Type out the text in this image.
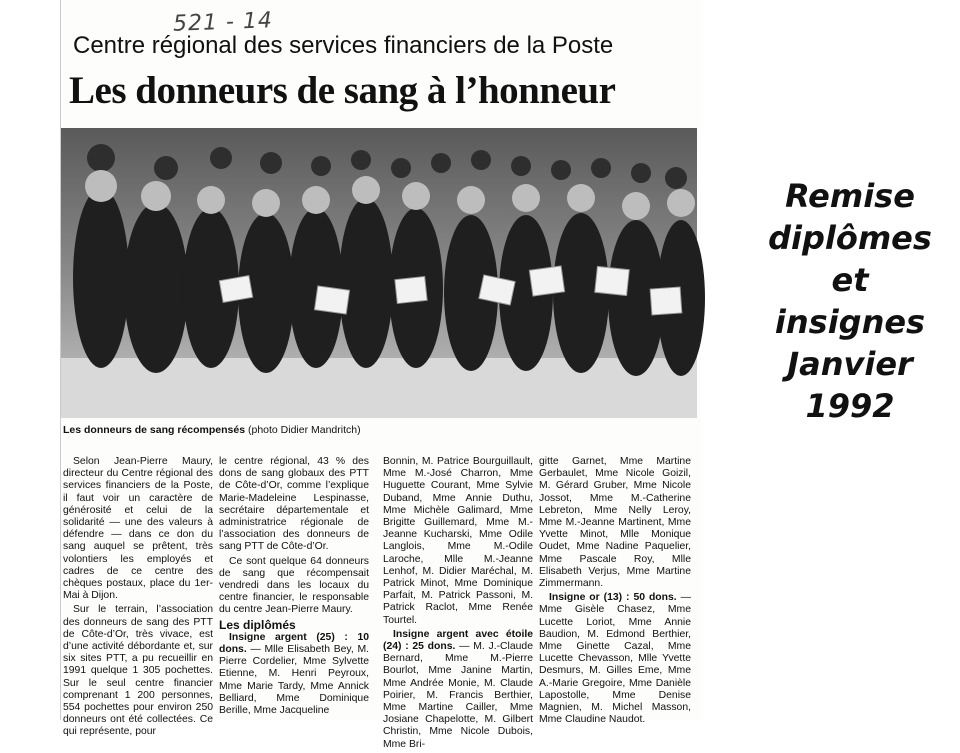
521 - 14
Centre régional des services financiers de la Poste
Les donneurs de sang à l’honneur
Les donneurs de sang récompensés (photo Didier Mandritch)

Selon Jean-Pierre Maury, directeur du Centre régional des services financiers de la Poste, il faut voir un caractère de générosité et celui de la solidarité — une des valeurs à défendre — dans ce don du sang auquel se prêtent, très volontiers les employés et cadres de ce centre des chèques postaux, place du 1er-Mai à Dijon.

Sur le terrain, l’association des donneurs de sang des PTT de Côte-d’Or, très vivace, est d’une activité débordante et, sur six sites PTT, a pu recueillir en 1991 quelque 1 305 pochettes. Sur le seul centre financier comprenant 1 200 personnes, 554 pochettes pour environ 250 donneurs ont été collectées. Ce qui représente, pour

le centre régional, 43 % des dons de sang globaux des PTT de Côte-d’Or, comme l’explique Marie-Madeleine Lespinasse, secrétaire départementale et administratrice régionale de l’association des donneurs de sang PTT de Côte-d’Or.

Ce sont quelque 64 donneurs de sang que récompensait vendredi dans les locaux du centre financier, le responsable du centre Jean-Pierre Maury.

Les diplômés

Insigne argent (25) : 10 dons. — Mlle Elisabeth Bey, M. Pierre Cordelier, Mme Sylvette Etienne, M. Henri Peyroux, Mme Marie Tardy, Mme Annick Belliard, Mme Dominique Berille, Mme Jacqueline

Bonnin, M. Patrice Bourguillault, Mme M.-José Charron, Mme Huguette Courant, Mme Sylvie Duband, Mme Annie Duthu, Mme Michèle Galimard, Mme Brigitte Guillemard, Mme M.-Jeanne Kucharski, Mme Odile Langlois, Mme M.-Odile Laroche, Mlle M.-Jeanne Lenhof, M. Didier Maréchal, M. Patrick Minot, Mme Dominique Parfait, M. Patrick Passoni, M. Patrick Raclot, Mme Renée Tourtel.

Insigne argent avec étoile (24) : 25 dons. — M. J.-Claude Bernard, Mme M.-Pierre Bourlot, Mme Janine Martin, Mme Andrée Monie, M. Claude Poirier, M. Francis Berthier, Mme Martine Cailler, Mme Josiane Chapelotte, M. Gilbert Christin, Mme Nicole Dubois, Mme Bri-

gitte Garnet, Mme Martine Gerbaulet, Mme Nicole Goizil, M. Gérard Gruber, Mme Nicole Jossot, Mme M.-Catherine Lebreton, Mme Nelly Leroy, Mme M.-Jeanne Martinent, Mme Yvette Minot, Mlle Monique Oudet, Mme Nadine Paquelier, Mme Pascale Roy, Mlle Elisabeth Verjus, Mme Martine Zimmermann.

Insigne or (13) : 50 dons. — Mme Gisèle Chasez, Mme Lucette Loriot, Mme Annie Baudion, M. Edmond Berthier, Mme Ginette Cazal, Mme Lucette Chevasson, Mlle Yvette Desmurs, M. Gilles Eme, Mme A.-Marie Gregoire, Mme Danièle Lapostolle, Mme Denise Magnien, M. Michel Masson, Mme Claudine Naudot.

Remise
diplômes
et
insignes
Janvier
1992
